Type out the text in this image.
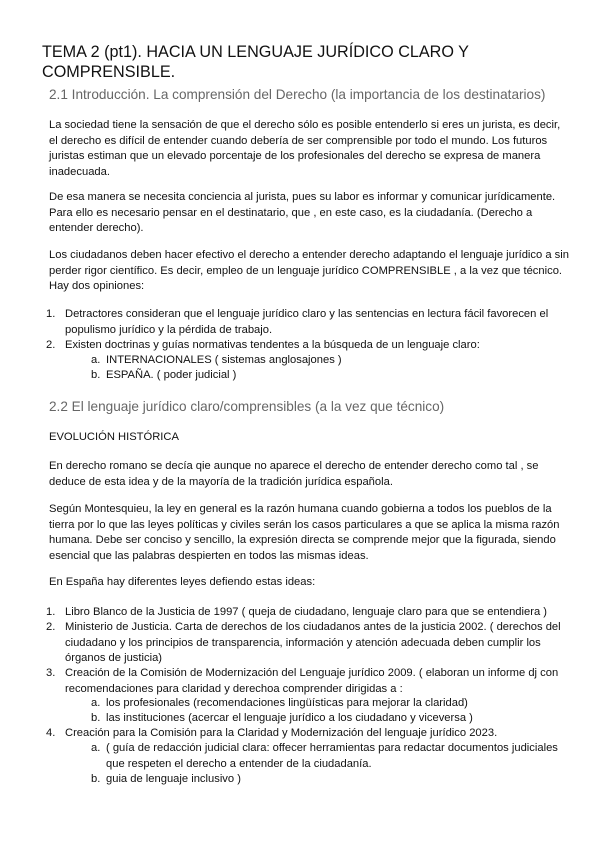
TEMA 2 (pt1). HACIA UN LENGUAJE JURÍDICO CLARO Y
COMPRENSIBLE.
2.1 Introducción. La comprensión del Derecho (la importancia de los destinatarios)
La sociedad tiene la sensación de que el derecho sólo es posible entenderlo si eres un jurista, es decir,
el derecho es difícil de entender cuando debería de ser comprensible por todo el mundo. Los futuros
juristas estiman que un elevado porcentaje de los profesionales del derecho se expresa de manera
inadecuada.
De esa manera se necesita conciencia al jurista, pues su labor es informar y comunicar jurídicamente.
Para ello es necesario pensar en el destinatario, que , en este caso, es la ciudadanía. (Derecho a
entender derecho).
Los ciudadanos deben hacer efectivo el derecho a entender derecho adaptando el lenguaje jurídico a sin
perder rigor científico. Es decir, empleo de un lenguaje jurídico COMPRENSIBLE , a la vez que técnico.
Hay dos opiniones:
1. Detractores consideran que el lenguaje jurídico claro y las sentencias en lectura fácil favorecen el
populismo jurídico y la pérdida de trabajo.
2. Existen doctrinas y guías normativas tendentes a la búsqueda de un lenguaje claro:
a. INTERNACIONALES ( sistemas anglosajones )
b. ESPAÑA. ( poder judicial )
2.2 El lenguaje jurídico claro/comprensibles (a la vez que técnico)
EVOLUCIÓN HISTÓRICA
En derecho romano se decía qie aunque no aparece el derecho de entender derecho como tal , se
deduce de esta idea y de la mayoría de la tradición jurídica española.
Según Montesquieu, la ley en general es la razón humana cuando gobierna a todos los pueblos de la
tierra por lo que las leyes políticas y civiles serán los casos particulares a que se aplica la misma razón
humana. Debe ser conciso y sencillo, la expresión directa se comprende mejor que la figurada, siendo
esencial que las palabras despierten en todos las mismas ideas.
En España hay diferentes leyes defiendo estas ideas:
1. Libro Blanco de la Justicia de 1997 ( queja de ciudadano, lenguaje claro para que se entendiera )
2. Ministerio de Justicia. Carta de derechos de los ciudadanos antes de la justicia 2002. ( derechos del
ciudadano y los principios de transparencia, información y atención adecuada deben cumplir los
órganos de justicia)
3. Creación de la Comisión de Modernización del Lenguaje jurídico 2009. ( elaboran un informe dj con
recomendaciones para claridad y derechoa comprender dirigidas a :
a. los profesionales (recomendaciones lingüísticas para mejorar la claridad)
b. las instituciones (acercar el lenguaje jurídico a los ciudadano y viceversa )
4. Creación para la Comisión para la Claridad y Modernización del lenguaje jurídico 2023.
a. ( guía de redacción judicial clara: offecer herramientas para redactar documentos judiciales
que respeten el derecho a entender de la ciudadanía.
b. guia de lenguaje inclusivo )
